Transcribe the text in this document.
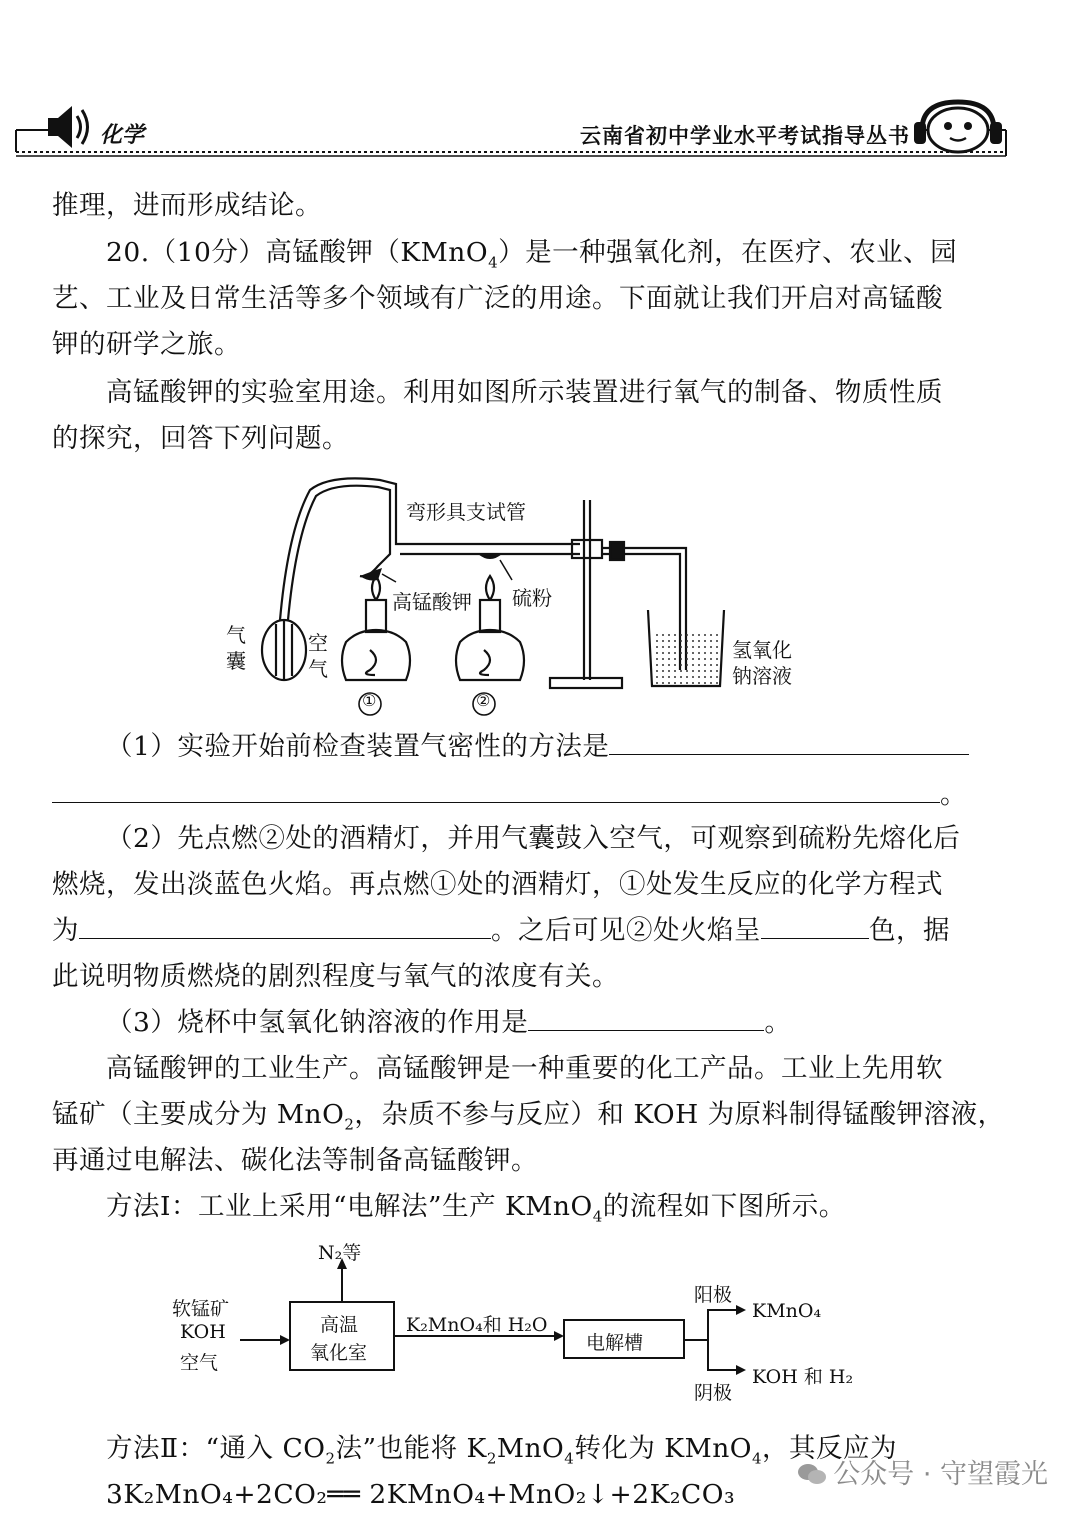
化学	云南省初中学业水平考试指导丛书
推理，进而形成结论。
20.（10分）高锰酸钾（KMnO$_4$）是一种强氧化剂，在医疗、农业、园
艺、工业及日常生活等多个领域有广泛的用途。下面就让我们开启对高锰酸
钾的研学之旅。
高锰酸钾的实验室用途。利用如图所示装置进行氧气的制备、物质性质
的探究，回答下列问题。
弯形具支试管
高锰酸钾 硫粉
气囊
空气
氢氧化
钠溶液
①	②
（1）实验开始前检查装置气密性的方法是
。
（2）先点燃②处的酒精灯，并用气囊鼓入空气，可观察到硫粉先熔化后
燃烧，发出淡蓝色火焰。再点燃①处的酒精灯，①处发生反应的化学方程式
为	。之后可见②处火焰呈	色，据
此说明物质燃烧的剧烈程度与氧气的浓度有关。
（3）烧杯中氢氧化钠溶液的作用是	。
高锰酸钾的工业生产。高锰酸钾是一种重要的化工产品。工业上先用软
锰矿（主要成分为 MnO$_2$，杂质不参与反应）和 KOH 为原料制得锰酸钾溶液，
再通过电解法、碳化法等制备高锰酸钾。
方法Ⅰ：工业上采用“电解法”生产 KMnO$_4$的流程如下图所示。
软锰矿
KOH
空气
高温
氧化室
N₂等
K₂MnO₄和 H₂O
电解槽
阳极
KMnO₄
阴极
KOH 和 H₂
方法Ⅱ：“通入 $CO_2$法”也能将 $K_2MnO_4$转化为 KMnO$_4$，其反应为
3K₂MnO₄+2CO₂══ 2KMnO₄+MnO₂↓+2K₂CO₃
公众号 · 守望霞光
